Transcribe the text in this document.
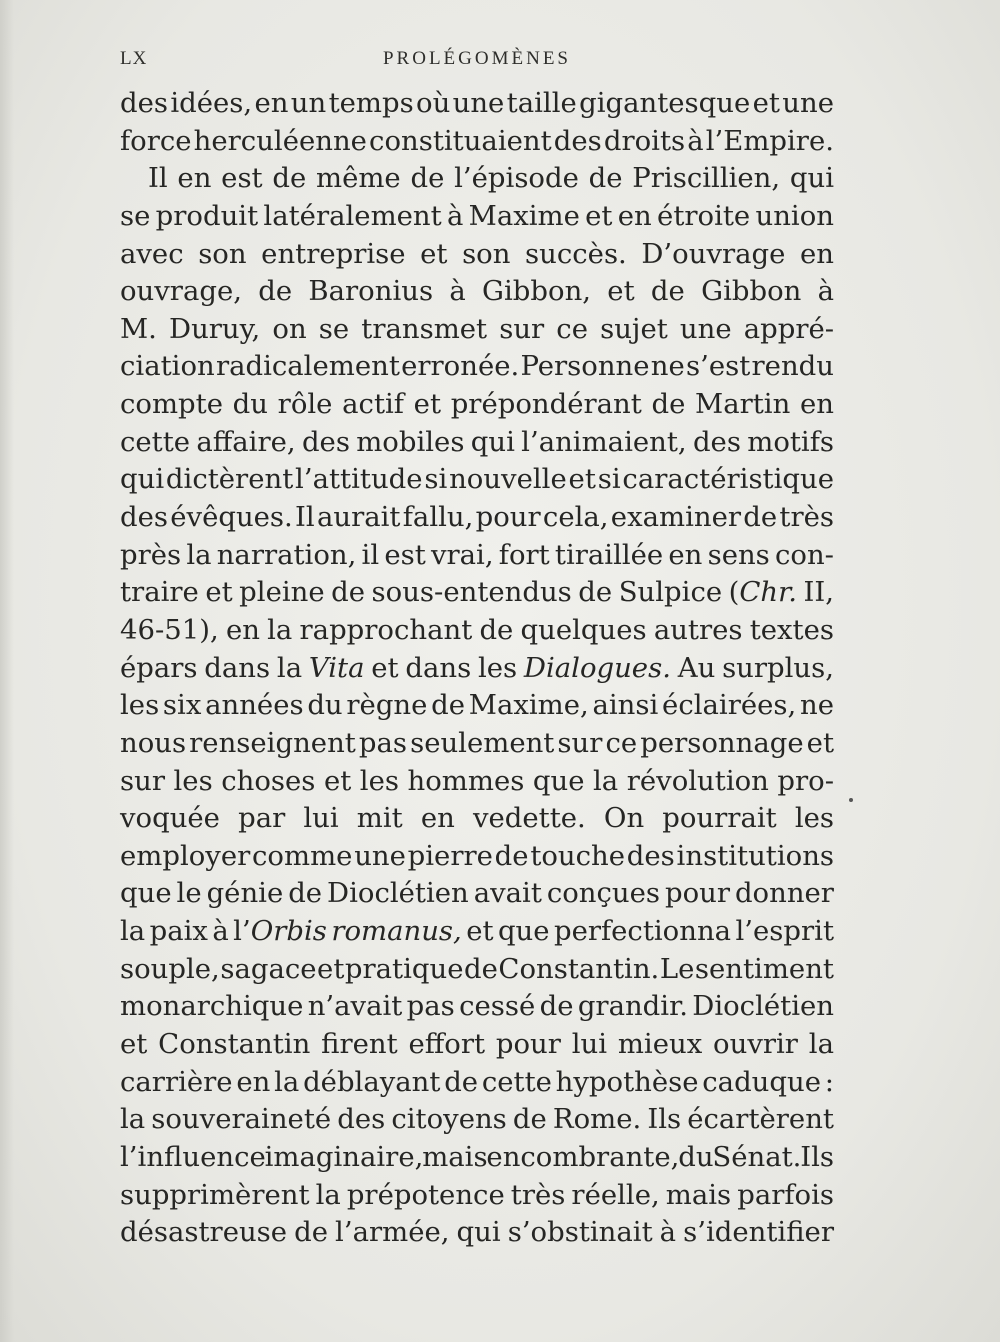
LX	PROLÉGOMÈNES
des idées, en un temps où une taille gigantesque et une
force herculéenne constituaient des droits à l’Empire.
Il en est de même de l’épisode de Priscillien, qui
se produit latéralement à Maxime et en étroite union
avec son entreprise et son succès. D’ouvrage en
ouvrage, de Baronius à Gibbon, et de Gibbon à
M. Duruy, on se transmet sur ce sujet une appré-
ciation radicalement erronée. Personne ne s’est rendu
compte du rôle actif et prépondérant de Martin en
cette affaire, des mobiles qui l’animaient, des motifs
qui dictèrent l’attitude si nouvelle et si caractéristique
des évêques. Il aurait fallu, pour cela, examiner de très
près la narration, il est vrai, fort tiraillée en sens con-
traire et pleine de sous-entendus de Sulpice (Chr. II,
46-51), en la rapprochant de quelques autres textes
épars dans la Vita et dans les Dialogues. Au surplus,
les six années du règne de Maxime, ainsi éclairées, ne
nous renseignent pas seulement sur ce personnage et
sur les choses et les hommes que la révolution pro-
voquée par lui mit en vedette. On pourrait les
employer comme une pierre de touche des institutions
que le génie de Dioclétien avait conçues pour donner
la paix à l’Orbis romanus, et que perfectionna l’esprit
souple, sagace et pratique de Constantin. Le sentiment
monarchique n’avait pas cessé de grandir. Dioclétien
et Constantin firent effort pour lui mieux ouvrir la
carrière en la déblayant de cette hypothèse caduque :
la souveraineté des citoyens de Rome. Ils écartèrent
l’influence imaginaire, mais encombrante, du Sénat. Ils
supprimèrent la prépotence très réelle, mais parfois
désastreuse de l’armée, qui s’obstinait à s’identifier
